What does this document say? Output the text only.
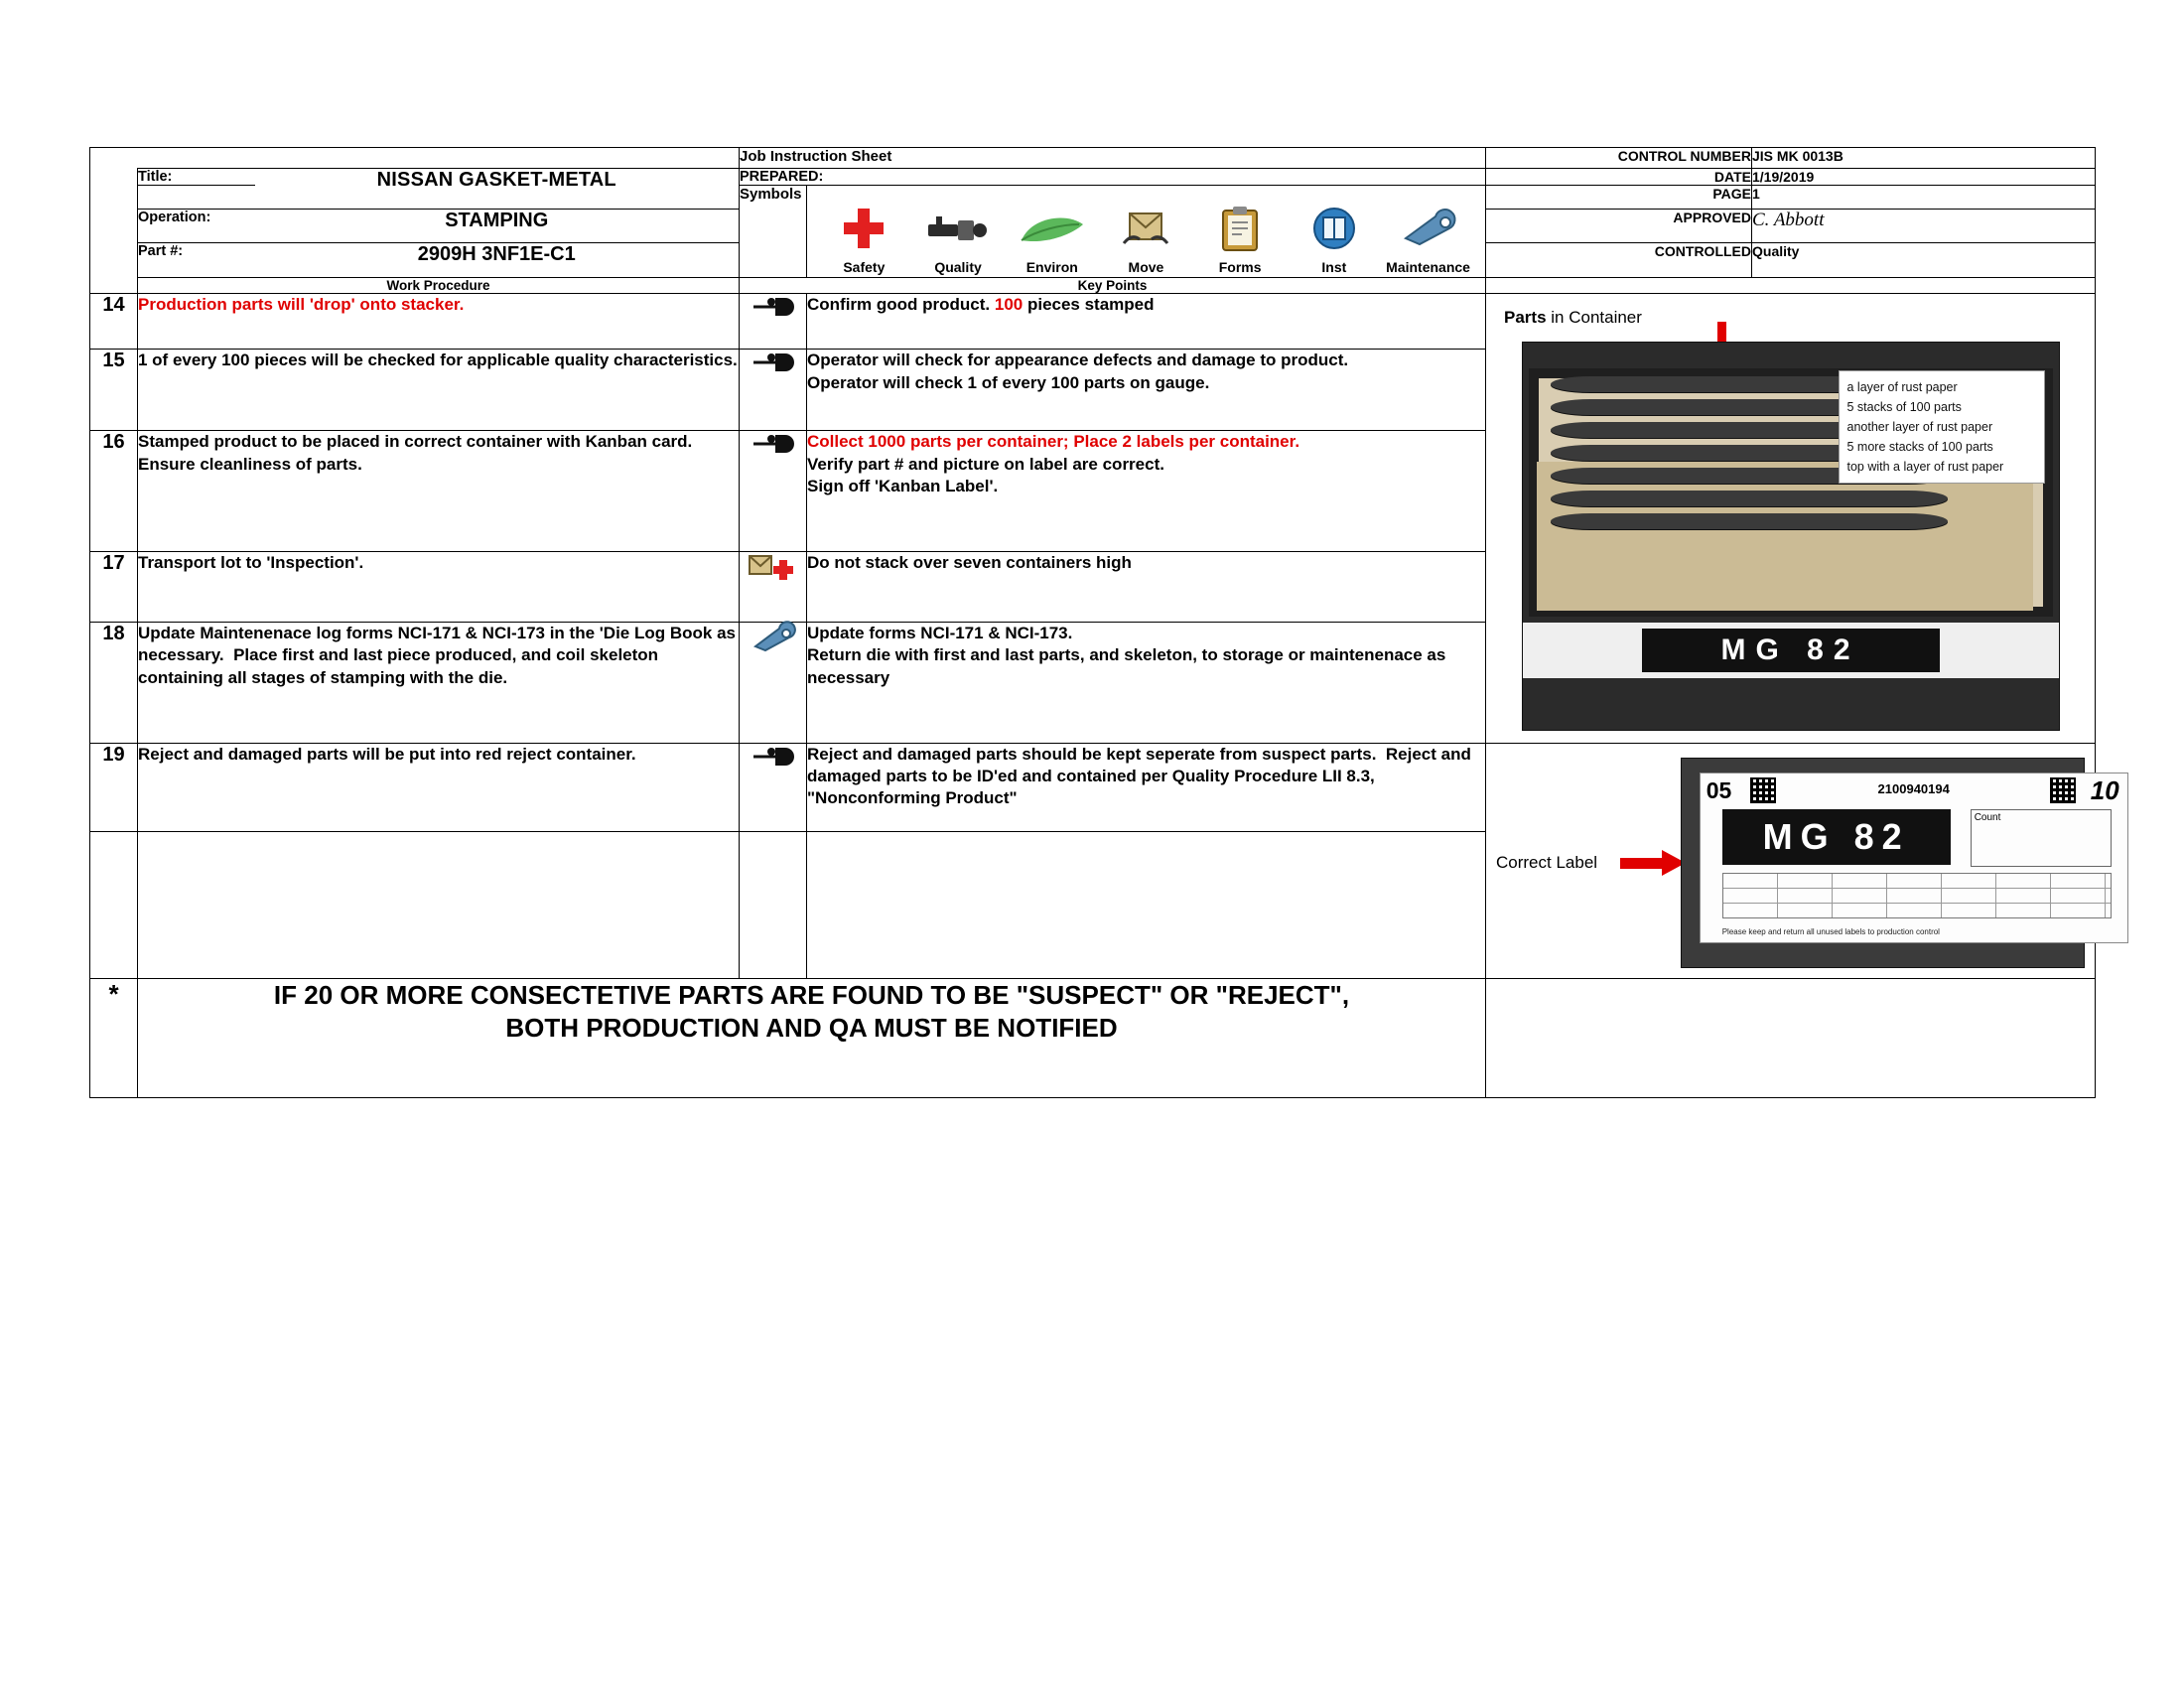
			Job Instruction Sheet		CONTROL NUMBER	JIS MK 0013B
	Title:	NISSAN GASKET-METAL	PREPARED:		DATE	1/19/2019
	Symbols	
Safety	Quality	Environ	Move	Forms	Inst	Maintenance
	PAGE	1
	Operation:	STAMPING			APPROVED	C. Abbott
	Part #:	2909H 3NF1E-C1			CONTROLLED	Quality
	Work Procedure		Key Points			
14	Production parts will 'drop' onto stacker.		Confirm good product. 100 pieces stamped	
Parts in Container
a layer of rust paper
5 stacks of 100 parts
another layer of rust paper
5 more stacks of 100 parts
top with a layer of rust paper
MG 82

15	1 of every 100 pieces will be checked for applicable quality characteristics.			Operator will check for appearance defects and damage to product.
Operator will check 1 of every 100 parts on gauge.		
16	Stamped product to be placed in correct container with Kanban card.  Ensure cleanliness of parts.			Collect 1000 parts per container; Place 2 labels per container.
Verify part # and picture on label are correct.
Sign off 'Kanban Label'.		
17	Transport lot to 'Inspection'.			Do not stack over seven containers high		
18	Update Maintenenace log forms NCI-171 & NCI-173 in the 'Die Log Book as necessary.  Place first and last piece produced, and coil skeleton containing all stages of stamping with the die.			Update forms NCI-171 & NCI-173.
Return die with first and last parts, and skeleton, to storage or maintenenace as necessary		
19	Reject and damaged parts will be put into red reject container.		Reject and damaged parts should be kept seperate from suspect parts.  Reject and damaged parts to be ID'ed and contained per Quality Procedure LII 8.3, "Nonconforming Product"	
Correct Label
05	2100940194	10
MG 82	Count
Please keep and return all unused labels to production control

*	IF 20 OR MORE CONSECTETIVE PARTS ARE FOUND TO BE "SUSPECT" OR "REJECT",
BOTH PRODUCTION AND QA MUST BE NOTIFIED					
